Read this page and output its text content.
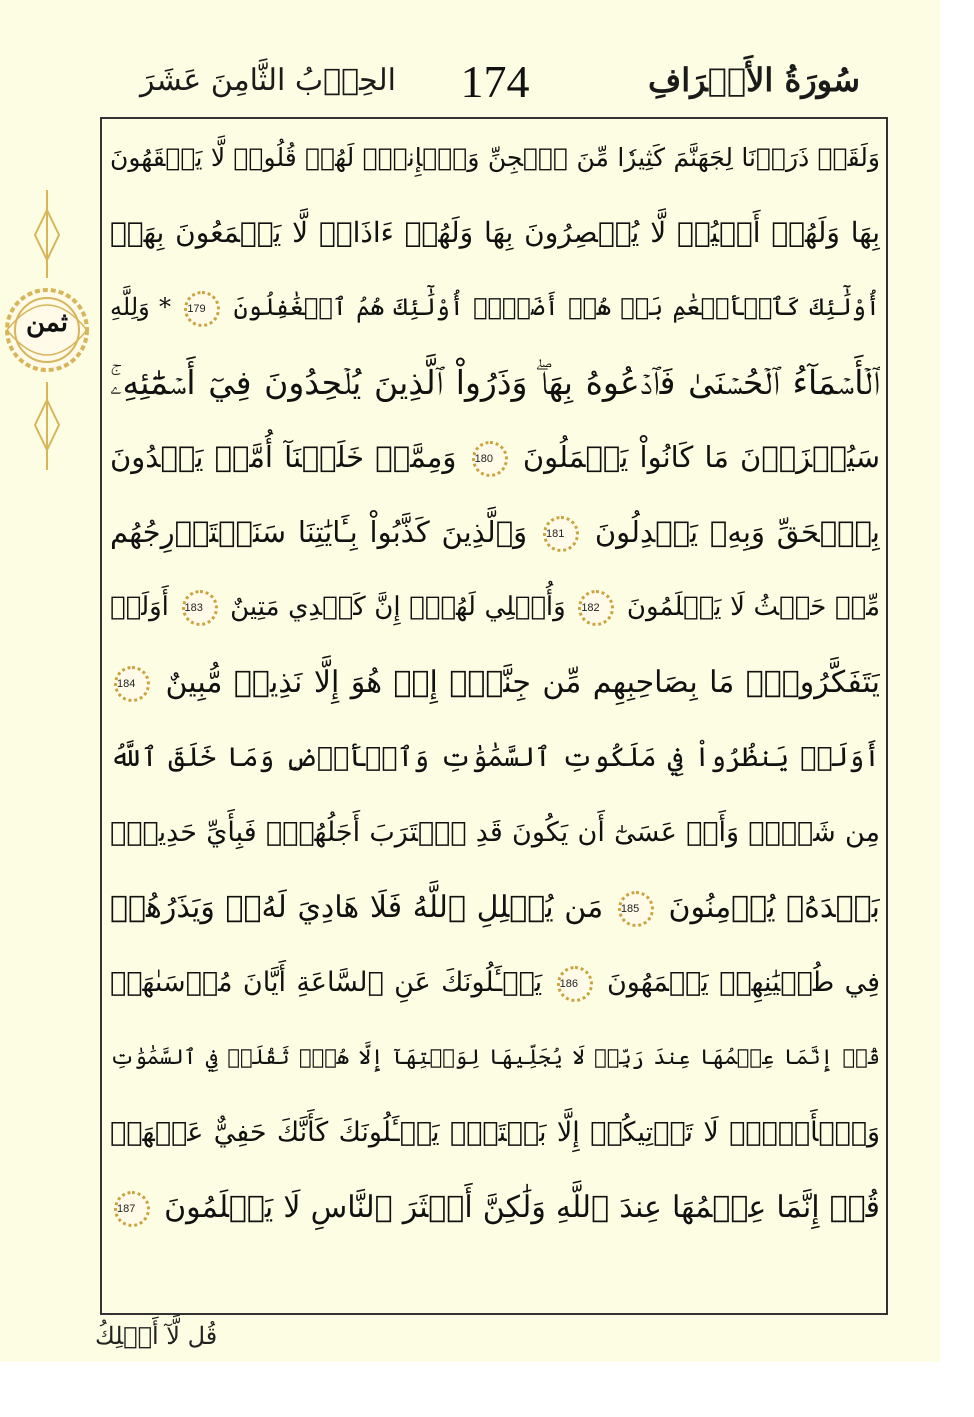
ثمن
سُورَةُ الأَعۡرَافِ
174
الحِزۡبُ الثَّامِنَ عَشَرَ
وَلَقَدۡ ذَرَأۡنَا لِجَهَنَّمَ كَثِيرٗا مِّنَ ٱلۡجِنِّ وَٱلۡإِنسِۖ لَهُمۡ قُلُوبٞ لَّا يَفۡقَهُونَ
بِهَا وَلَهُمۡ أَعۡيُنٞ لَّا يُبۡصِرُونَ بِهَا وَلَهُمۡ ءَاذَانٞ لَّا يَسۡمَعُونَ بِهَآۚ
أُوْلَٰٓئِكَ كَٱلۡأَنۡعَٰمِ بَلۡ هُمۡ أَضَلُّۚ أُوْلَٰٓئِكَ هُمُ ٱلۡغَٰفِلُونَ 179 * وَلِلَّهِ
ٱلۡأَسۡمَآءُ ٱلۡحُسۡنَىٰ فَٱدۡعُوهُ بِهَاۖ وَذَرُواْ ٱلَّذِينَ يُلۡحِدُونَ فِيٓ أَسۡمَٰٓئِهِۦۚ
سَيُجۡزَوۡنَ مَا كَانُواْ يَعۡمَلُونَ 180 وَمِمَّنۡ خَلَقۡنَآ أُمَّةٞ يَهۡدُونَ
بِٱلۡحَقِّ وَبِهِۦ يَعۡدِلُونَ 181 وَٱلَّذِينَ كَذَّبُواْ بِـَٔايَٰتِنَا سَنَسۡتَدۡرِجُهُم
مِّنۡ حَيۡثُ لَا يَعۡلَمُونَ 182 وَأُمۡلِي لَهُمۡۚ إِنَّ كَيۡدِي مَتِينٌ 183 أَوَلَمۡ
يَتَفَكَّرُواْۗ مَا بِصَاحِبِهِم مِّن جِنَّةٍۚ إِنۡ هُوَ إِلَّا نَذِيرٞ مُّبِينٌ 184
أَوَلَمۡ يَنظُرُواْ فِي مَلَكُوتِ ٱلسَّمَٰوَٰتِ وَٱلۡأَرۡضِ وَمَا خَلَقَ ٱللَّهُ
مِن شَيۡءٖ وَأَنۡ عَسَىٰٓ أَن يَكُونَ قَدِ ٱقۡتَرَبَ أَجَلُهُمۡۖ فَبِأَيِّ حَدِيثِۭ
بَعۡدَهُۥ يُؤۡمِنُونَ 185 مَن يُضۡلِلِ ٱللَّهُ فَلَا هَادِيَ لَهُۥۚ وَيَذَرُهُمۡ
فِي طُغۡيَٰنِهِمۡ يَعۡمَهُونَ 186 يَسۡـَٔلُونَكَ عَنِ ٱلسَّاعَةِ أَيَّانَ مُرۡسَىٰهَاۖ
قُلۡ إِنَّمَا عِلۡمُهَا عِندَ رَبِّيۖ لَا يُجَلِّيهَا لِوَقۡتِهَآ إِلَّا هُوَۚ ثَقُلَتۡ فِي ٱلسَّمَٰوَٰتِ
وَٱلۡأَرۡضِۚ لَا تَأۡتِيكُمۡ إِلَّا بَغۡتَةٗۗ يَسۡـَٔلُونَكَ كَأَنَّكَ حَفِيٌّ عَنۡهَاۖ
قُلۡ إِنَّمَا عِلۡمُهَا عِندَ ٱللَّهِ وَلَٰكِنَّ أَكۡثَرَ ٱلنَّاسِ لَا يَعۡلَمُونَ 187
قُل لَّآ أَمۡلِكُ
